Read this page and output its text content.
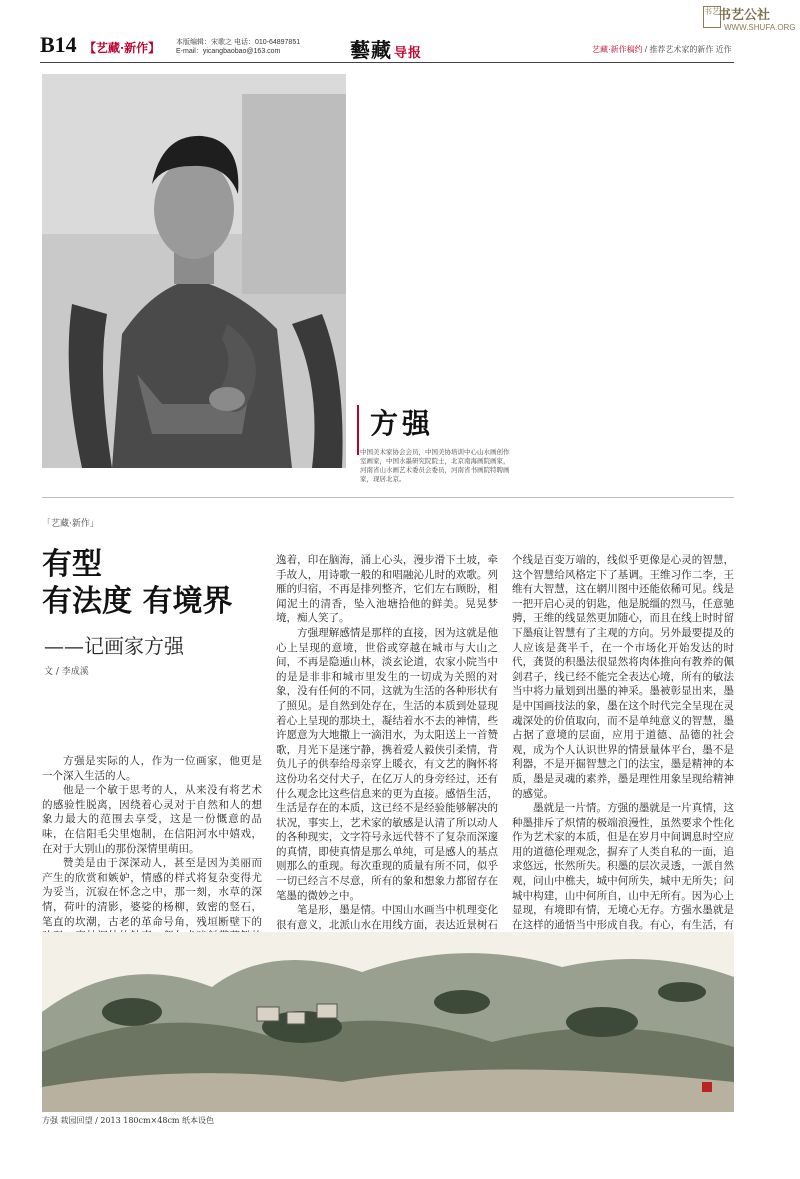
B14 【艺藏·新作】 本版编辑：宋歌之 电话：010-64897851
E-mail：yicangbaobao@163.com	藝藏 导报	艺藏·新作稿约 / 推荐艺术家的新作 近作
书艺
书艺公社
WWW.SHUFA.ORG
方强
中国美术家协会会员，中国美协培训中心山水画创作室画家，中国水墨研究院院士，北京南海画院画家，河南省山水画艺术委员会委员，河南省书画院特聘画家，现居北京。
「艺藏·新作」
有型
有法度 有境界
——记画家方强
文 / 李成溪

方强是实际的人，作为一位画家，他更是一个深入生活的人。

他是一个敏于思考的人，从来没有将艺术的感验性脱离，因绕着心灵对于自然和人的想象力最大的范围去享受，这是一份慨意的品味，在信阳毛尖里炮制，在信阳河水中嬉戏，在对于大别山的那份深情里萌田。

赞美是由于深深动人，甚至是因为美丽而产生的欣赏和嫉妒，情感的样式将复杂变得尤为妥当，沉寂在怀念之中，那一刻，水草的深情，荷叶的清影，婆娑的杨柳，致密的竖石，笔直的坎潮，古老的革命号角，残垣断壁下的

逸着，印在脑海，涌上心头，漫步滑下土坡，牵手故人，用诗歌一般的和唱融沁儿时的欢歌。列雁的归宿，不再是排列整齐，它们左右顾盼，相闻泥土的清香，坠入池塘拾他的鲜美。晃晃梦境，痴人笑了。

方强理解感情是那样的直接，因为这就是他心上呈现的意境，世俗或穿越在城市与大山之间，不再是隐遁山林，淡玄论道，农家小院当中的是是非非和城市里发生的一切成为关照的对象，没有任何的不同，这就为生活的各种形状有了照见。是自然到处存在，生活的本质到处显现着心上呈现的那块土，凝结着水不去的神情，些许愿意为大地撒上一滴泪水，为太阳送上一首赞歌，月光下是迷宁静，携着爱人毅侠引柔情，背负儿子的供奉给母亲穿上暖衣，有文艺的胸怀将这份功名交付犬子，在亿万人的身旁经过，还有什么观念比这些信息来的更为直接。感悟生活，生活是存在的本质，这已经不是经验能够解决的状况，事实上，艺术家的敏感是认清了所以动人的各种现实，文字符号永远代替不了复杂而深邃的真情，即使真情是那么单纯，可是感人的基点则那么的重现。每次重现的质量有所不同，似乎一切已经言不尽意，所有的象和想象力都留存在笔墨的微妙之中。

笔是形，墨是情。中国山水画当中机理变化很有意义，北派山水在用线方面，表达近景树石

个线是百变万端的，线似乎更像是心灵的智慧，这个智慧给风格定下了基调。王维习作二李，王维有大智慧，这在辋川图中还能依稀可见。线是一把开启心灵的钥匙，他是脱缰的烈马，任意驰骋，王维的线显然更加随心，而且在线上时时留下墨痕让智慧有了主观的方向。另外最要提及的人应该是龚半千，在一个市场化开始发达的时代，龚贤的积墨法很显然将肉体推向有教养的佩剑君子，线已经不能完全表达心境，所有的敏法当中将力量划到出墨的神采。墨被彰显出来，墨是中国画技法的象，墨在这个时代完全呈现在灵魂深处的价值取向，而不是单纯意义的智慧，墨占据了意境的层面，应用于道德、品德的社会观，成为个人认识世界的情景量体平台，墨不是利器，不是开掘智慧之门的法宝，墨是精神的本质，墨是灵魂的素养，墨是理性用象呈现给精神的感觉。

墨就是一片情。方强的墨就是一片真情，这种墨排斥了炽情的极端浪漫性，虽然要求个性化作为艺术家的本质，但是在岁月中间调息时空应用的道德伦理观念，摒弃了人类自私的一面，追求悠远，怅然所失。积墨的层次灵透，一派自然观，问山中樵夫，城中何所失，城中无所失；问城中构建，山中何所自，山中无所有。因为心上显现，有境即有情，无境心无存。方强水墨就是在这样的通悟当中形成自我。有心，有生活，有

方强 栽园回望 / 2013 180cm×48cm 纸本设色
